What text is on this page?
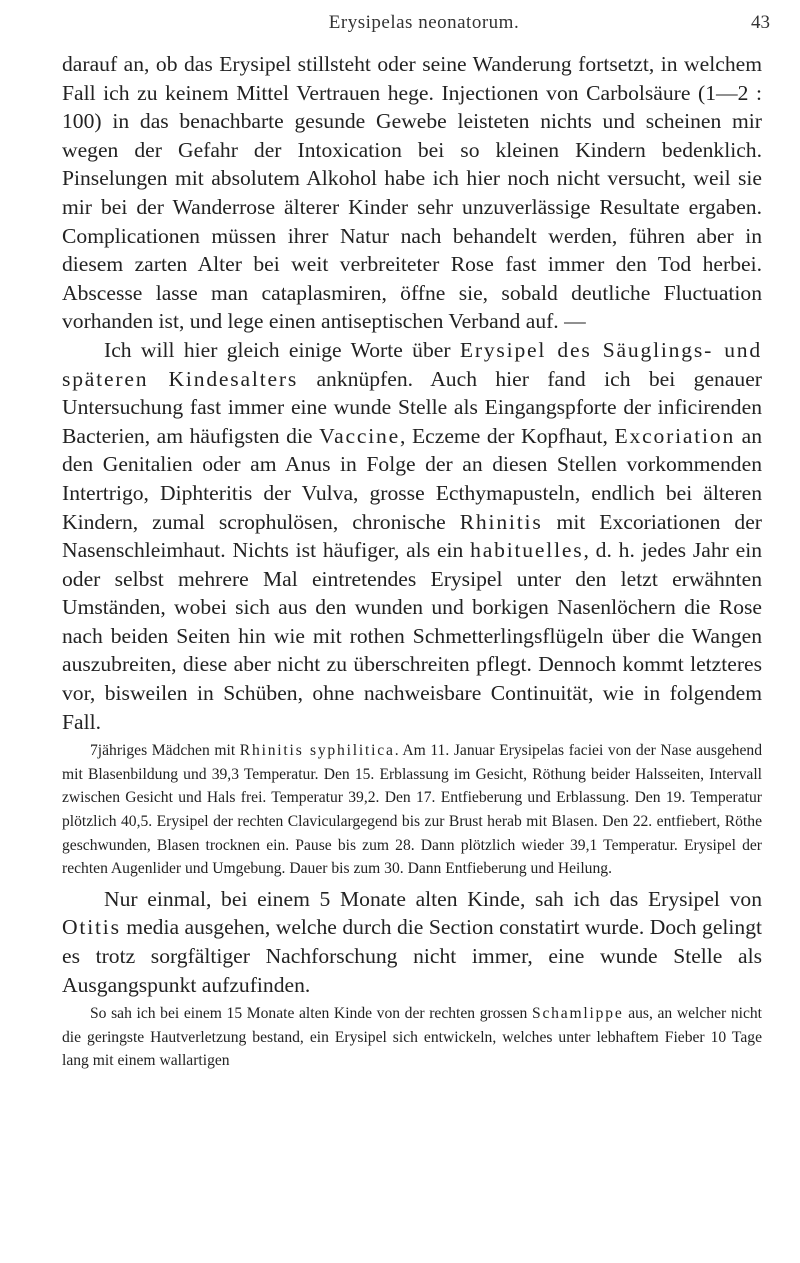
Erysipelas neonatorum.	43

darauf an, ob das Erysipel stillsteht oder seine Wanderung fortsetzt, in welchem Fall ich zu keinem Mittel Vertrauen hege. Injectionen von Carbolsäure (1—2 : 100) in das benachbarte gesunde Gewebe leisteten nichts und scheinen mir wegen der Gefahr der Intoxication bei so kleinen Kindern bedenklich. Pinselungen mit absolutem Alkohol habe ich hier noch nicht versucht, weil sie mir bei der Wanderrose älterer Kinder sehr unzuverlässige Resultate ergaben. Complicationen müssen ihrer Natur nach behandelt werden, führen aber in diesem zarten Alter bei weit verbreiteter Rose fast immer den Tod herbei. Abscesse lasse man cataplasmiren, öffne sie, sobald deutliche Fluctuation vorhanden ist, und lege einen antiseptischen Verband auf. —

Ich will hier gleich einige Worte über Erysipel des Säuglings- und späteren Kindesalters anknüpfen. Auch hier fand ich bei genauer Untersuchung fast immer eine wunde Stelle als Eingangspforte der inficirenden Bacterien, am häufigsten die Vaccine, Eczeme der Kopfhaut, Excoriation an den Genitalien oder am Anus in Folge der an diesen Stellen vorkommenden Intertrigo, Diphteritis der Vulva, grosse Ecthymapusteln, endlich bei älteren Kindern, zumal scrophulösen, chronische Rhinitis mit Excoriationen der Nasenschleimhaut. Nichts ist häufiger, als ein habituelles, d. h. jedes Jahr ein oder selbst mehrere Mal eintretendes Erysipel unter den letzt erwähnten Umständen, wobei sich aus den wunden und borkigen Nasenlöchern die Rose nach beiden Seiten hin wie mit rothen Schmetterlingsflügeln über die Wangen auszubreiten, diese aber nicht zu überschreiten pflegt. Dennoch kommt letzteres vor, bisweilen in Schüben, ohne nachweisbare Continuität, wie in folgendem Fall.

7jähriges Mädchen mit Rhinitis syphilitica. Am 11. Januar Erysipelas faciei von der Nase ausgehend mit Blasenbildung und 39,3 Temperatur. Den 15. Erblassung im Gesicht, Röthung beider Halsseiten, Intervall zwischen Gesicht und Hals frei. Temperatur 39,2. Den 17. Entfieberung und Erblassung. Den 19. Temperatur plötzlich 40,5. Erysipel der rechten Claviculargegend bis zur Brust herab mit Blasen. Den 22. entfiebert, Röthe geschwunden, Blasen trocknen ein. Pause bis zum 28. Dann plötzlich wieder 39,1 Temperatur. Erysipel der rechten Augenlider und Umgebung. Dauer bis zum 30. Dann Entfieberung und Heilung.

Nur einmal, bei einem 5 Monate alten Kinde, sah ich das Erysipel von Otitis media ausgehen, welche durch die Section constatirt wurde. Doch gelingt es trotz sorgfältiger Nachforschung nicht immer, eine wunde Stelle als Ausgangspunkt aufzufinden.

So sah ich bei einem 15 Monate alten Kinde von der rechten grossen Schamlippe aus, an welcher nicht die geringste Hautverletzung bestand, ein Erysipel sich entwickeln, welches unter lebhaftem Fieber 10 Tage lang mit einem wallartigen
